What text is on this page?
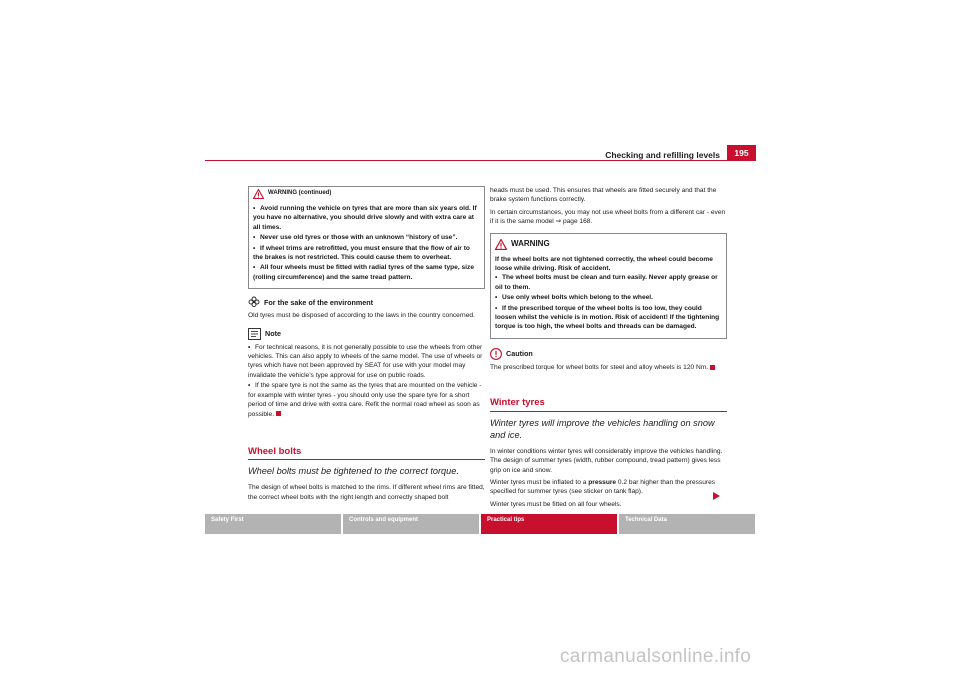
Checking and refilling levels	195
WARNING (continued)
• Avoid running the vehicle on tyres that are more than six years old. If you have no alternative, you should drive slowly and with extra care at all times.
• Never use old tyres or those with an unknown “history of use”.
• If wheel trims are retrofitted, you must ensure that the flow of air to the brakes is not restricted. This could cause them to overheat.
• All four wheels must be fitted with radial tyres of the same type, size (rolling circumference) and the same tread pattern.
For the sake of the environment
Old tyres must be disposed of according to the laws in the country concerned.
Note
• For technical reasons, it is not generally possible to use the wheels from other vehicles. This can also apply to wheels of the same model. The use of wheels or tyres which have not been approved by SEAT for use with your model may invalidate the vehicle’s type approval for use on public roads.
• If the spare tyre is not the same as the tyres that are mounted on the vehicle - for example with winter tyres - you should only use the spare tyre for a short period of time and drive with extra care. Refit the normal road wheel as soon as possible.
Wheel bolts
Wheel bolts must be tightened to the correct torque.
The design of wheel bolts is matched to the rims. If different wheel rims are fitted, the correct wheel bolts with the right length and correctly shaped bolt
heads must be used. This ensures that wheels are fitted securely and that the brake system functions correctly.
In certain circumstances, you may not use wheel bolts from a different car - even if it is the same model ⇒ page 168.
WARNING

If the wheel bolts are not tightened correctly, the wheel could become loose while driving. Risk of accident.

• The wheel bolts must be clean and turn easily. Never apply grease or oil to them.
• Use only wheel bolts which belong to the wheel.
• If the prescribed torque of the wheel bolts is too low, they could loosen whilst the vehicle is in motion. Risk of accident! If the tightening torque is too high, the wheel bolts and threads can be damaged.
Caution
The prescribed torque for wheel bolts for steel and alloy wheels is 120 Nm.
Winter tyres
Winter tyres will improve the vehicles handling on snow and ice.
In winter conditions winter tyres will considerably improve the vehicles handling. The design of summer tyres (width, rubber compound, tread pattern) gives less grip on ice and snow.
Winter tyres must be inflated to a pressure 0.2 bar higher than the pressures specified for summer tyres (see sticker on tank flap).
Winter tyres must be fitted on all four wheels.
Safety First	Controls and equipment	Practical tips	Technical Data
carmanualsonline.info
